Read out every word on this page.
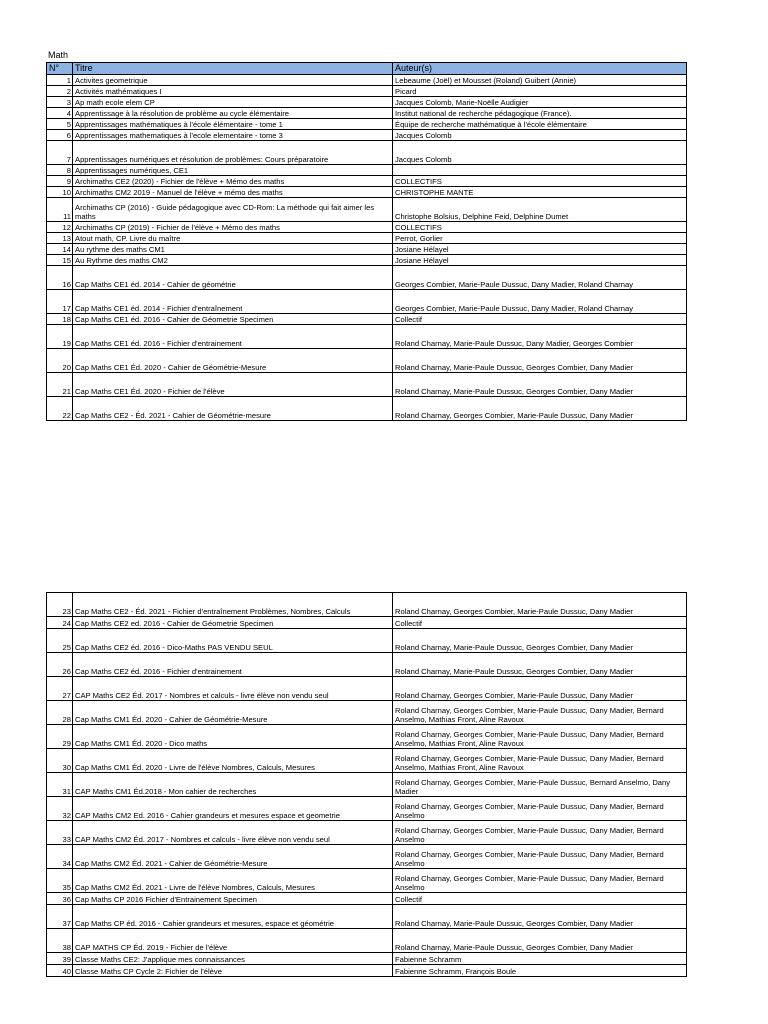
Math
N°	Titre	Auteur(s)
1	Activites geometrique	Lebeaume (Joël) et Mousset (Roland) Guibert (Annie)
2	Activités mathématiques I	Picard
3	Ap math ecole elem CP	Jacques Colomb, Marie-Noëlle Audigier
4	Apprentissage à la résolution de problème au cycle élémentaire	Institut national de recherche pédagogique (France).
5	Apprentissages mathématiques à l'école élémentaire - tome 1	Équipe de recherche mathématique à l'école élémentaire
6	Apprentissages mathematiques à l'ecole elementaire - tome 3	Jacques Colomb
7	Apprentissages numériques et résolution de problèmes: Cours préparatoire	Jacques Colomb
8	Apprentissages numériques, CE1	
9	Archimaths CE2 (2020) - Fichier de l'élève + Mémo des maths	COLLECTIFS
10	Archimaths CM2 2019 - Manuel de l'élève + mémo des maths	CHRISTOPHE MANTE
11	Archimaths CP (2016) - Guide pédagogique avec CD-Rom: La méthode qui fait aimer les maths	Christophe Bolsius, Delphine Feid, Delphine Dumet
12	Archimaths CP (2019) - Fichier de l'élève + Mémo des maths	COLLECTIFS
13	Atout math, CP. Livre du maître	Perrot, Gorlier
14	Au rythme des maths CM1	Josiane Hélayel
15	Au Rythme des maths CM2	Josiane Hélayel
16	Cap Maths CE1 éd. 2014 - Cahier de géométrie	Georges Combier, Marie-Paule Dussuc, Dany Madier, Roland Charnay
17	Cap Maths CE1 éd. 2014 - Fichier d'entraînement	Georges Combier, Marie-Paule Dussuc, Dany Madier, Roland Charnay
18	Cap Maths CE1 éd. 2016 - Cahier de Géometrie Specimen	Collectif
19	Cap Maths CE1 éd. 2016 - Fichier d'entrainement	Roland Charnay, Marie-Paule Dussuc, Dany Madier, Georges Combier
20	Cap Maths CE1 Éd. 2020 - Cahier de Géométrie-Mesure	Roland Charnay, Marie-Paule Dussuc, Georges Combier, Dany Madier
21	Cap Maths CE1 Éd. 2020 - Fichier de l'élève	Roland Charnay, Marie-Paule Dussuc, Georges Combier, Dany Madier
22	Cap Maths CE2 - Éd. 2021 - Cahier de Géométrie-mesure	Roland Charnay, Georges Combier, Marie-Paule Dussuc, Dany Madier
23	Cap Maths CE2 - Éd. 2021 - Fichier d'entraînement Problèmes, Nombres, Calculs	Roland Charnay, Georges Combier, Marie-Paule Dussuc, Dany Madier
24	Cap Maths CE2 ed. 2016 - Cahier de Géometrie Specimen	Collectif
25	Cap Maths CE2 éd. 2016 - Dico-Maths PAS VENDU SEUL	Roland Charnay, Marie-Paule Dussuc, Georges Combier, Dany Madier
26	Cap Maths CE2 éd. 2016 - Fichier d'entrainement	Roland Charnay, Marie-Paule Dussuc, Georges Combier, Dany Madier
27	CAP Maths CE2 Éd. 2017 - Nombres et calculs - livre élève non vendu seul	Roland Charnay, Georges Combier, Marie-Paule Dussuc, Dany Madier
28	Cap Maths CM1 Éd. 2020 - Cahier de Géométrie-Mesure	Roland Charnay, Georges Combier, Marie-Paule Dussuc, Dany Madier, Bernard Anselmo, Mathias Front, Aline Ravoux
29	Cap Maths CM1 Éd. 2020 - Dico maths	Roland Charnay, Georges Combier, Marie-Paule Dussuc, Dany Madier, Bernard Anselmo, Mathias Front, Aline Ravoux
30	Cap Maths CM1 Éd. 2020 - Livre de l'élève Nombres, Calculs, Mesures	Roland Charnay, Georges Combier, Marie-Paule Dussuc, Dany Madier, Bernard Anselmo, Mathias Front, Aline Ravoux
31	CAP Maths CM1 Éd.2018 - Mon cahier de recherches	Roland Charnay, Georges Combier, Marie-Paule Dussuc, Bernard Anselmo, Dany Madier
32	CAP Maths CM2 Ed. 2016 - Cahier grandeurs et mesures espace et geometrie	Roland Charnay, Georges Combier, Marie-Paule Dussuc, Dany Madier, Bernard Anselmo
33	CAP Maths CM2 Éd. 2017 - Nombres et calculs - livre élève non vendu seul	Roland Charnay, Georges Combier, Marie-Paule Dussuc, Dany Madier, Bernard Anselmo
34	Cap Maths CM2 Éd. 2021 - Cahier de Géométrie-Mesure	Roland Charnay, Georges Combier, Marie-Paule Dussuc, Dany Madier, Bernard Anselmo
35	Cap Maths CM2 Éd. 2021 - Livre de l'élève Nombres, Calculs, Mesures	Roland Charnay, Georges Combier, Marie-Paule Dussuc, Dany Madier, Bernard Anselmo
36	Cap Maths CP 2016 Fichier d'Entrainement Specimen	Collectif
37	Cap Maths CP éd. 2016 - Cahier grandeurs et mesures, espace et géométrie	Roland Charnay, Marie-Paule Dussuc, Georges Combier, Dany Madier
38	CAP MATHS CP Éd. 2019 - Fichier de l'élève	Roland Charnay, Marie-Paule Dussuc, Georges Combier, Dany Madier
39	Classe Maths CE2: J'applique mes connaissances	Fabienne Schramm
40	Classe Maths CP Cycle 2: Fichier de l'élève	Fabienne Schramm, François Boule
